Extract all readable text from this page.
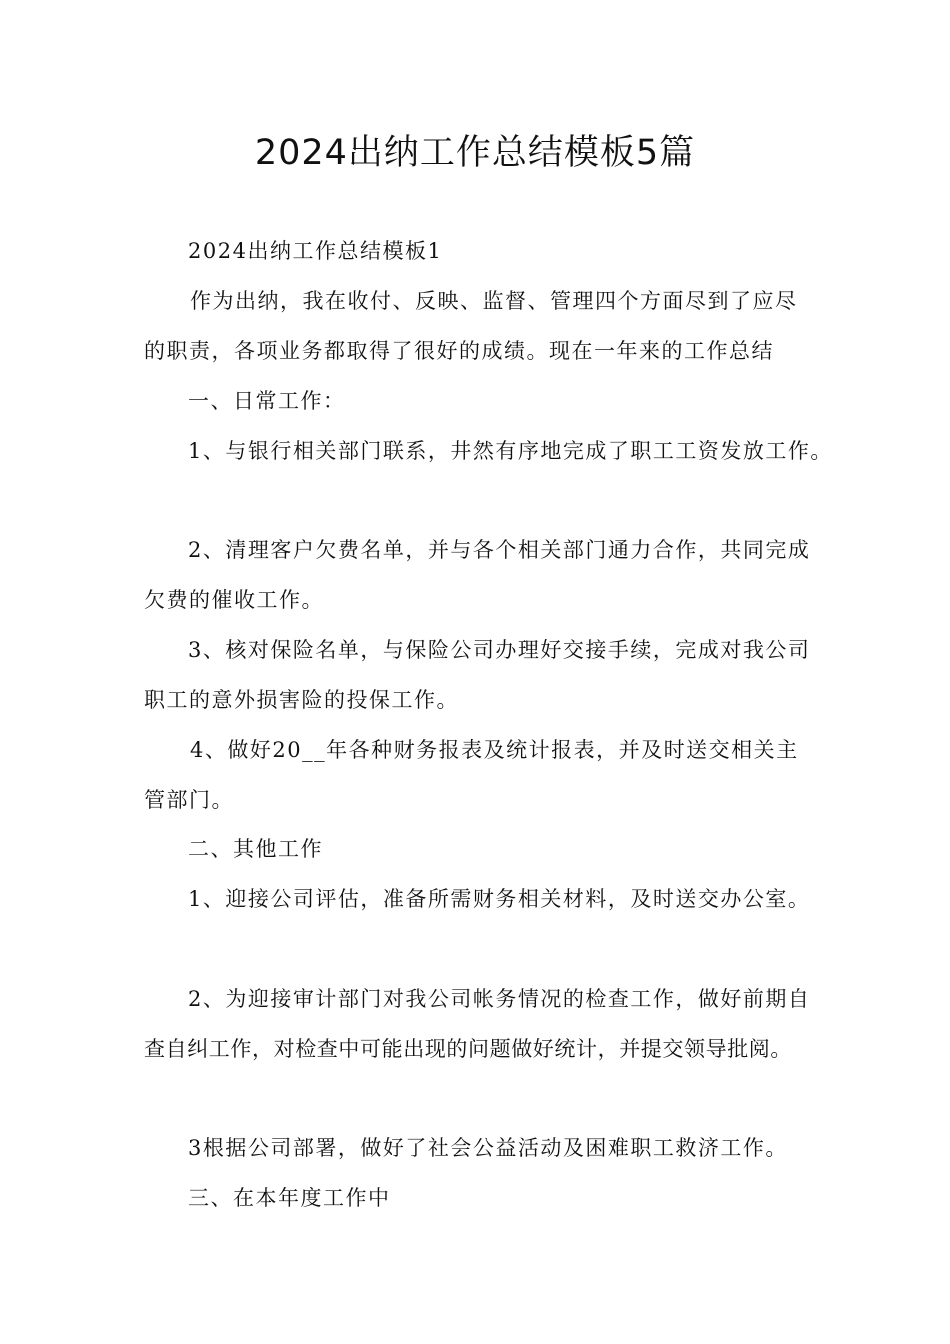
2024出纳工作总结模板5篇

2024出纳工作总结模板1

作为出纳，我在收付、反映、监督、管理四个方面尽到了应尽

的职责，各项业务都取得了很好的成绩。现在一年来的工作总结

一、日常工作：

1、与银行相关部门联系，井然有序地完成了职工工资发放工作。

2、清理客户欠费名单，并与各个相关部门通力合作，共同完成

欠费的催收工作。

3、核对保险名单，与保险公司办理好交接手续，完成对我公司

职工的意外损害险的投保工作。

4、做好20__年各种财务报表及统计报表，并及时送交相关主

管部门。

二、其他工作

1、迎接公司评估，准备所需财务相关材料，及时送交办公室。

2、为迎接审计部门对我公司帐务情况的检查工作，做好前期自

查自纠工作，对检查中可能出现的问题做好统计，并提交领导批阅。

3根据公司部署，做好了社会公益活动及困难职工救济工作。

三、在本年度工作中
